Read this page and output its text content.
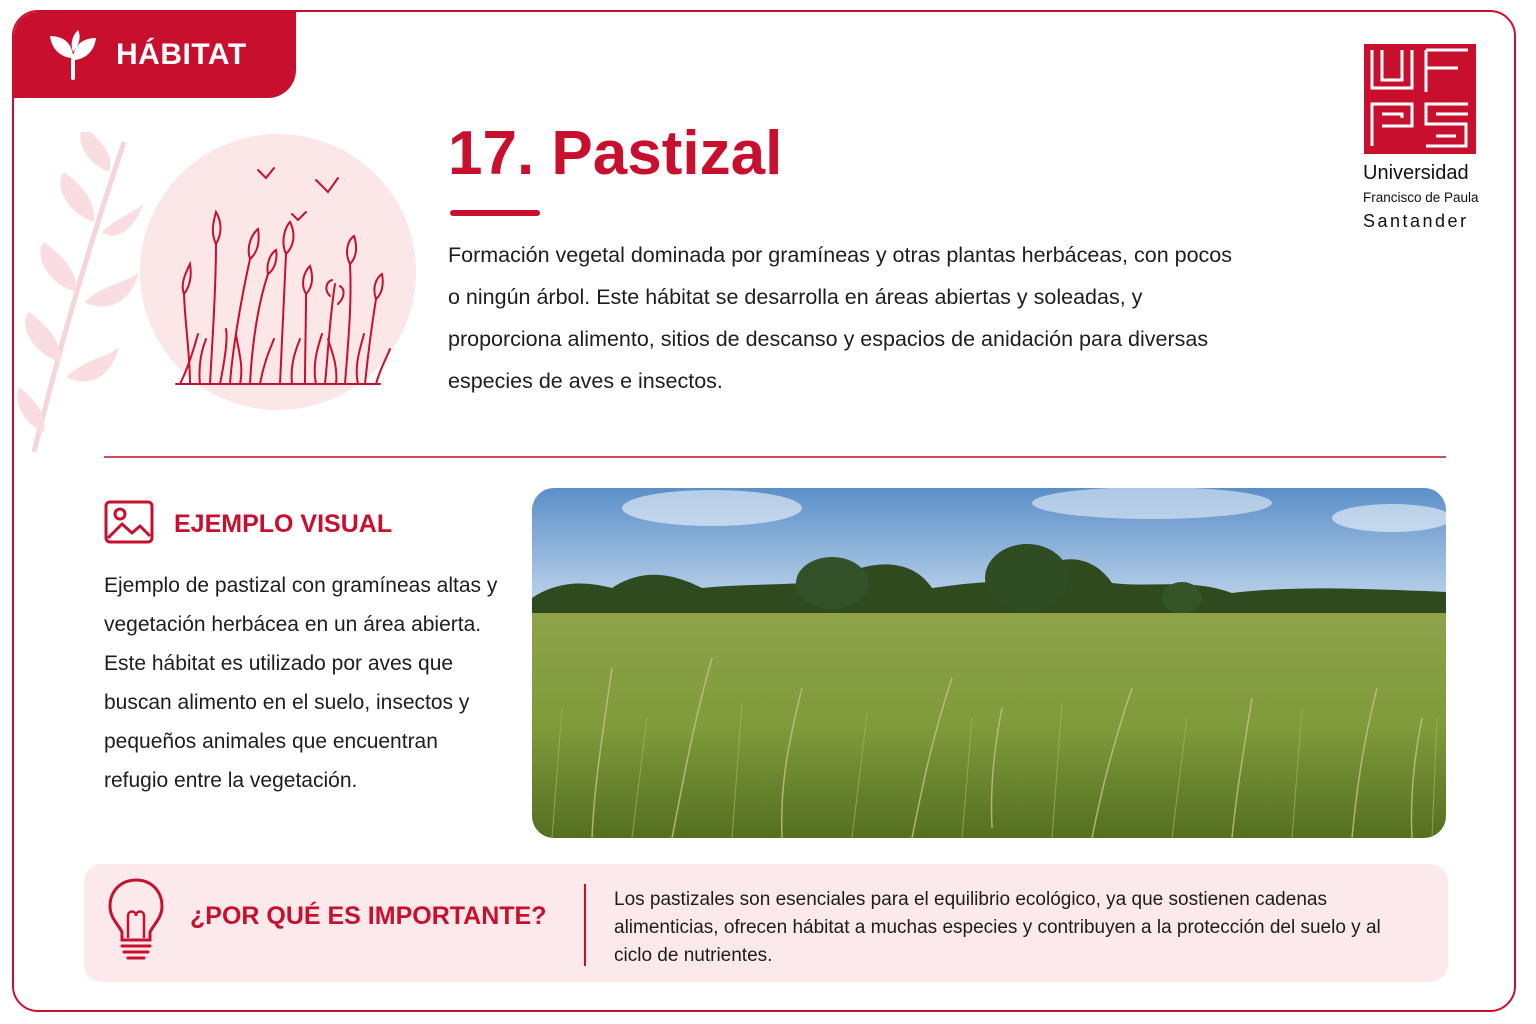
HÁBITAT
17. Pastizal

Formación vegetal dominada por gramíneas y otras plantas herbáceas, con pocos o ningún árbol. Este hábitat se desarrolla en áreas abiertas y soleadas, y proporciona alimento, sitios de descanso y espacios de anidación para diversas especies de aves e insectos.

Universidad
Francisco de Paula
Santander
EJEMPLO VISUAL

Ejemplo de pastizal con gramíneas altas y vegetación herbácea en un área abierta. Este hábitat es utilizado por aves que buscan alimento en el suelo, insectos y pequeños animales que encuentran refugio entre la vegetación.

¿POR QUÉ ES IMPORTANTE?

Los pastizales son esenciales para el equilibrio ecológico, ya que sostienen cadenas alimenticias, ofrecen hábitat a muchas especies y contribuyen a la protección del suelo y al ciclo de nutrientes.
